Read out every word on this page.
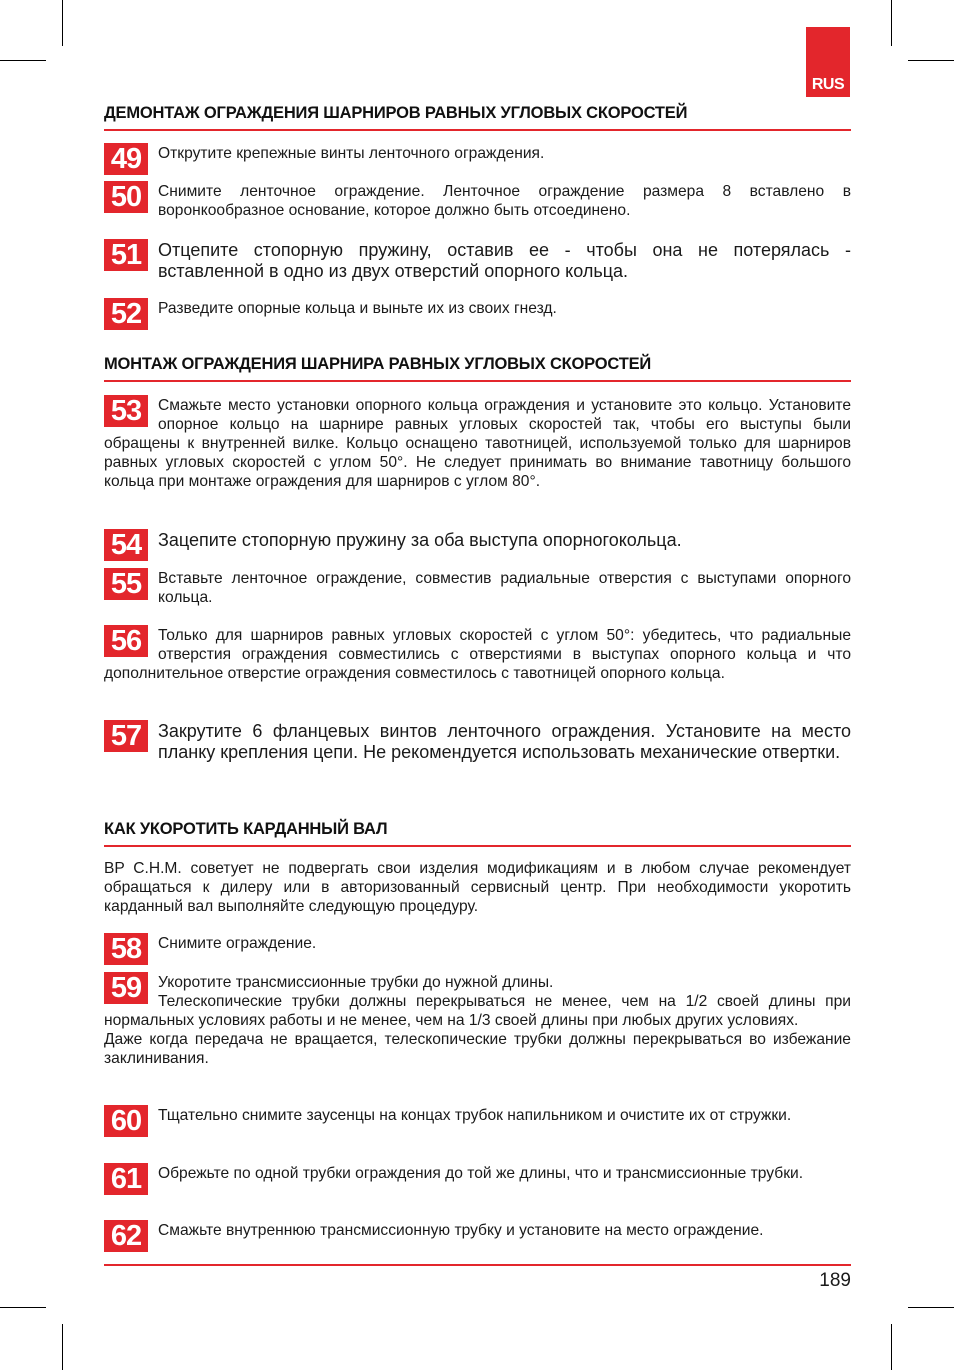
RUS
ДЕМОНТАЖ ОГРАЖДЕНИЯ ШАРНИРОВ РАВНЫХ УГЛОВЫХ СКОРОСТЕЙ
49	Открутите крепежные винты ленточного ограждения.
50	Снимите ленточное ограждение. Ленточное ограждение размера 8 вставлено в воронкообразное основание, которое должно быть отсоединено.
51 Отцепите стопорную пружину, оставив ее - чтобы она не потерялась - вставленной в одно из двух отверстий опорного кольца.
52	Разведите опорные кольца и выньте их из своих гнезд.
МОНТАЖ ОГРАЖДЕНИЯ ШАРНИРА РАВНЫХ УГЛОВЫХ СКОРОСТЕЙ
53	Смажьте место установки опорного кольца ограждения и установите это кольцо. Установите опорное кольцо на шарнире равных угловых скоростей так, чтобы его выступы были обращены к внутренней вилке. Кольцо оснащено тавотницей, используемой только для шарниров равных угловых скоростей с углом 50°. Не следует принимать во внимание тавотницу большого кольца при монтаже ограждения для шарниров с углом 80°.
54 Зацепите стопорную пружину за оба выступа опорногокольца.
55	Вставьте ленточное ограждение, совместив радиальные отверстия с выступами опорного кольца.
56	Только для шарниров равных угловых скоростей с углом 50°: убедитесь, что радиальные отверстия ограждения совместились с отверстиями в выступах опорного кольца и что дополнительное отверстие ограждения совместилось с тавотницей опорного кольца.
57 Закрутите 6 фланцевых винтов ленточного ограждения. Установите на место планку крепления цепи. Не рекомендуется использовать механические отвертки.
КАК УКОРОТИТЬ КАРДАННЫЙ ВАЛ
BP C.H.M. советует не подвергать свои изделия модификациям и в любом случае рекомендует обращаться к дилеру или в авторизованный сервисный центр. При необходимости укоротить карданный вал выполняйте следующую процедуру.
58	Снимите ограждение.
59	Укоротите трансмиссионные трубки до нужной длины.
Телескопические трубки должны перекрываться не менее, чем на 1/2 своей длины при нормальных условиях работы и не менее, чем на 1/3 своей длины при любых других условиях.
Даже когда передача не вращается, телескопические трубки должны перекрываться во избежание заклинивания.
60	Тщательно снимите заусенцы на концах трубок напильником и очистите их от стружки.
61	Обрежьте по одной трубки ограждения до той же длины, что и трансмиссионные трубки.
62	Смажьте внутреннюю трансмиссионную трубку и установите на место ограждение.
189
